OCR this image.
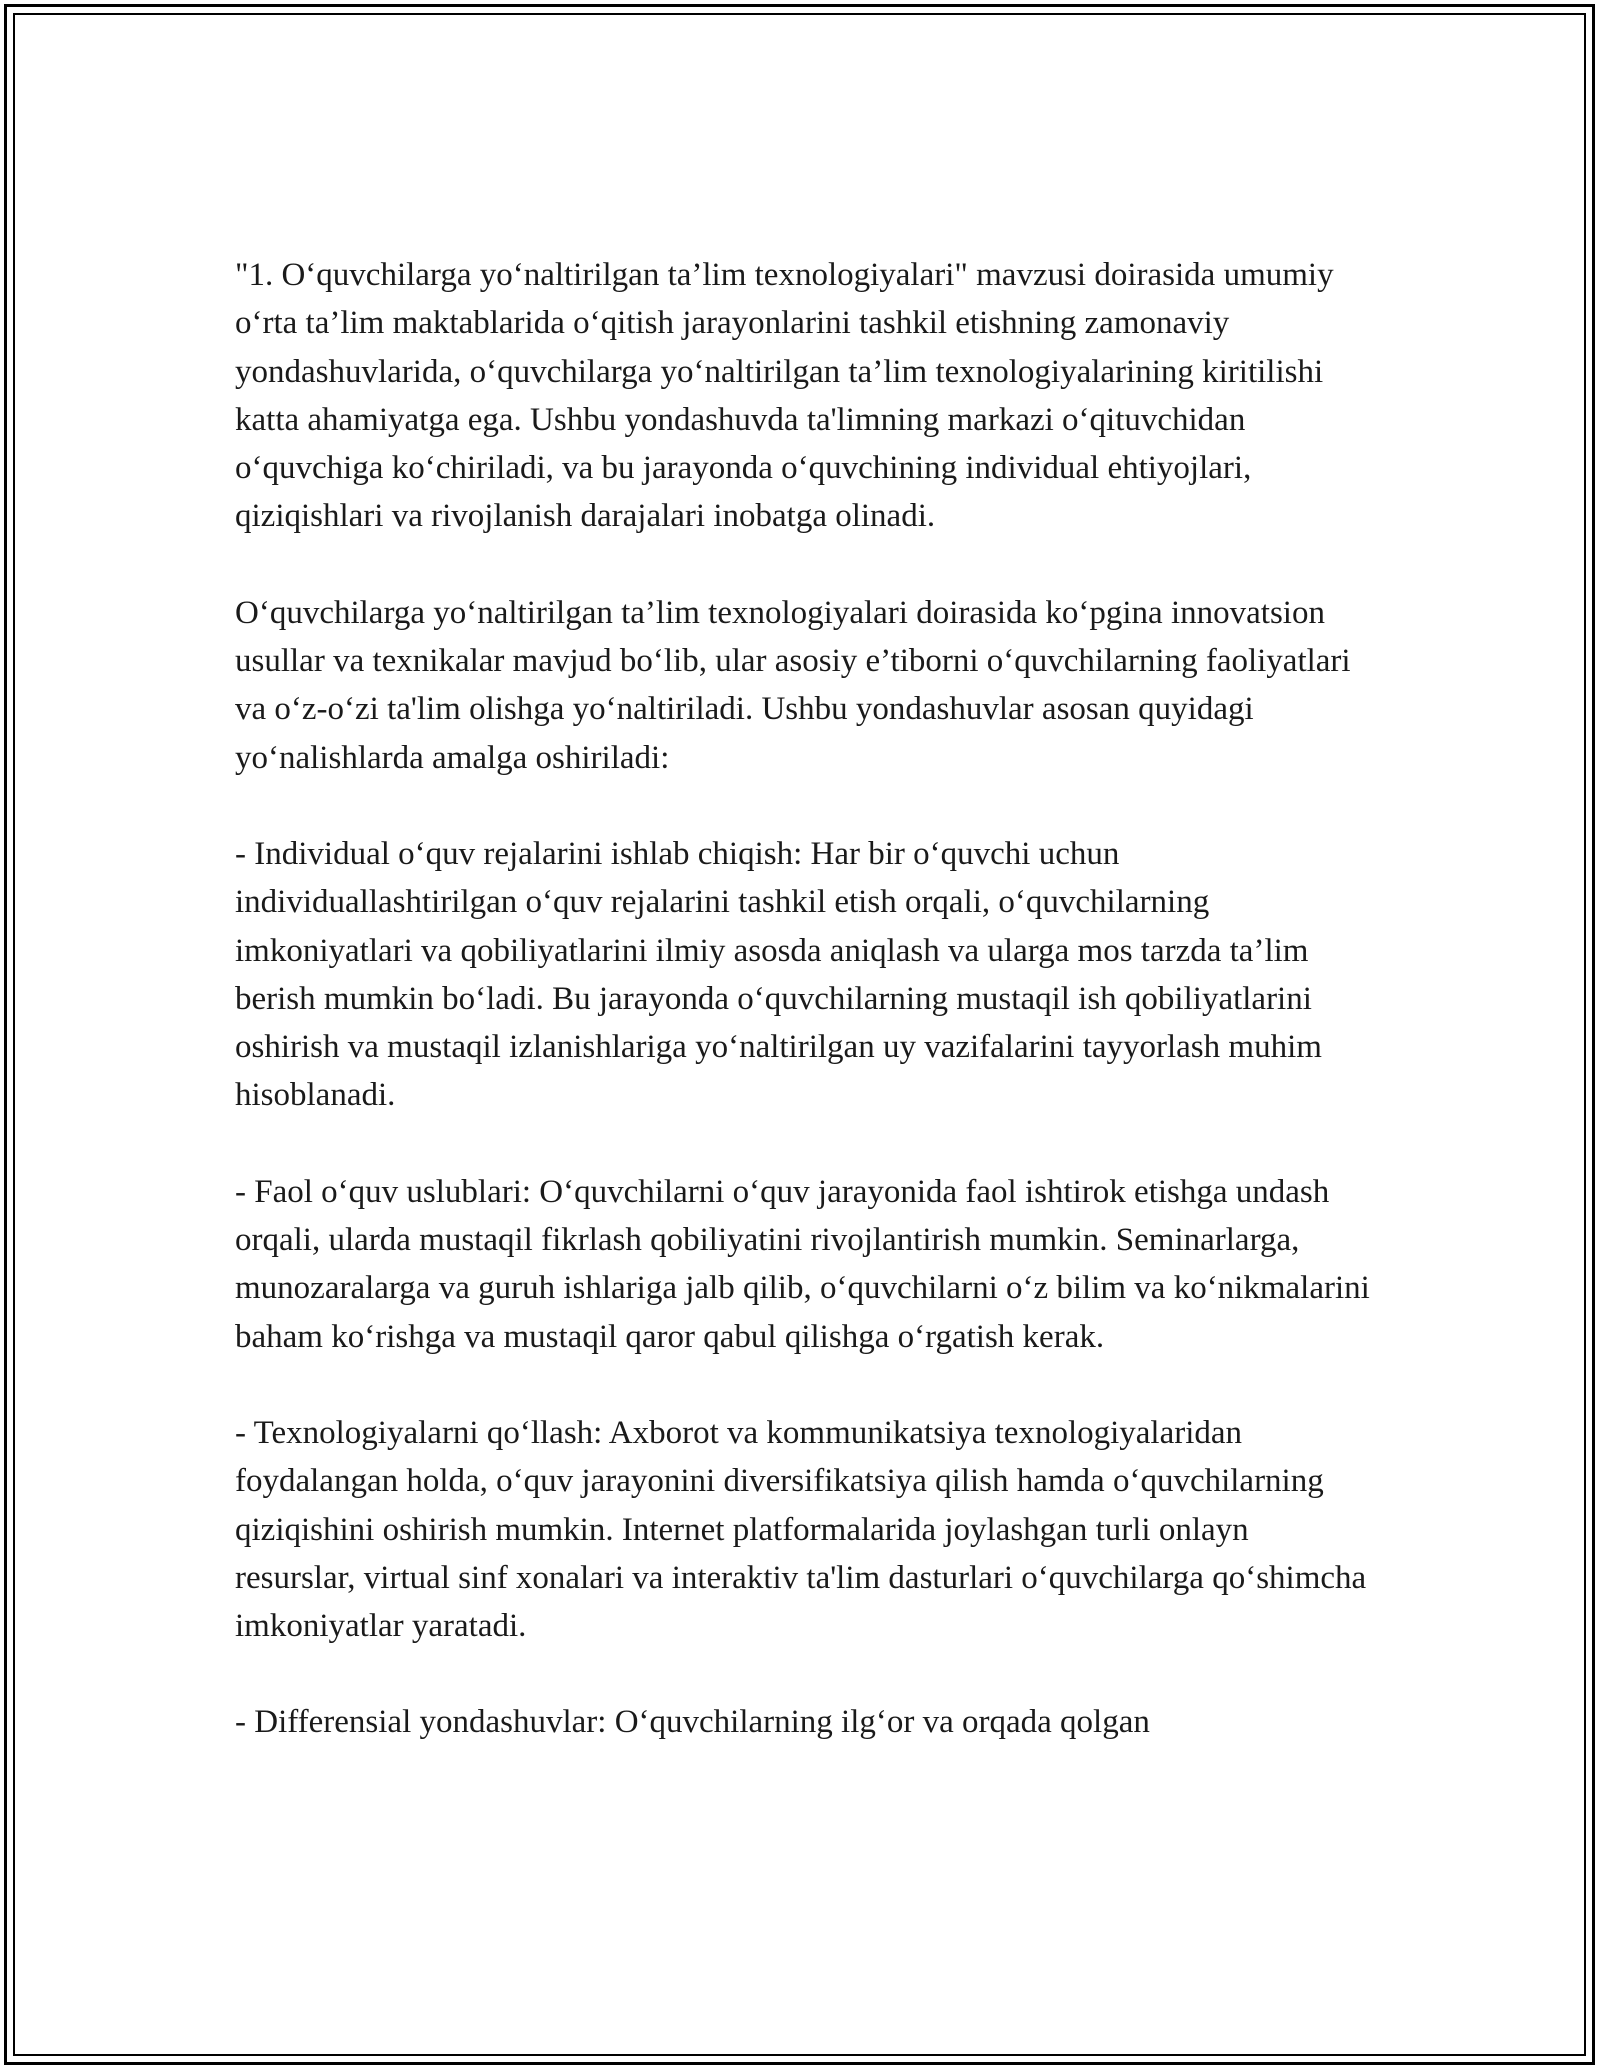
"1. O‘quvchilarga yo‘naltirilgan ta’lim texnologiyalari" mavzusi doirasida umumiy o‘rta ta’lim maktablarida o‘qitish jarayonlarini tashkil etishning zamonaviy yondashuvlarida, o‘quvchilarga yo‘naltirilgan ta’lim texnologiyalarining kiritilishi katta ahamiyatga ega. Ushbu yondashuvda ta'limning markazi o‘qituvchidan o‘quvchiga ko‘chiriladi, va bu jarayonda o‘quvchining individual ehtiyojlari, qiziqishlari va rivojlanish darajalari inobatga olinadi.

O‘quvchilarga yo‘naltirilgan ta’lim texnologiyalari doirasida ko‘pgina innovatsion usullar va texnikalar mavjud bo‘lib, ular asosiy e’tiborni o‘quvchilarning faoliyatlari va o‘z-o‘zi ta'lim olishga yo‘naltiriladi. Ushbu yondashuvlar asosan quyidagi yo‘nalishlarda amalga oshiriladi:

- Individual o‘quv rejalarini ishlab chiqish: Har bir o‘quvchi uchun individuallashtirilgan o‘quv rejalarini tashkil etish orqali, o‘quvchilarning imkoniyatlari va qobiliyatlarini ilmiy asosda aniqlash va ularga mos tarzda ta’lim berish mumkin bo‘ladi. Bu jarayonda o‘quvchilarning mustaqil ish qobiliyatlarini oshirish va mustaqil izlanishlariga yo‘naltirilgan uy vazifalarini tayyorlash muhim hisoblanadi.

- Faol o‘quv uslublari: O‘quvchilarni o‘quv jarayonida faol ishtirok etishga undash orqali, ularda mustaqil fikrlash qobiliyatini rivojlantirish mumkin. Seminarlarga, munozaralarga va guruh ishlariga jalb qilib, o‘quvchilarni o‘z bilim va ko‘nikmalarini baham ko‘rishga va mustaqil qaror qabul qilishga o‘rgatish kerak.

- Texnologiyalarni qo‘llash: Axborot va kommunikatsiya texnologiyalaridan foydalangan holda, o‘quv jarayonini diversifikatsiya qilish hamda o‘quvchilarning qiziqishini oshirish mumkin. Internet platformalarida joylashgan turli onlayn resurslar, virtual sinf xonalari va interaktiv ta'lim dasturlari o‘quvchilarga qo‘shimcha imkoniyatlar yaratadi.

- Differensial yondashuvlar: O‘quvchilarning ilg‘or va orqada qolgan
